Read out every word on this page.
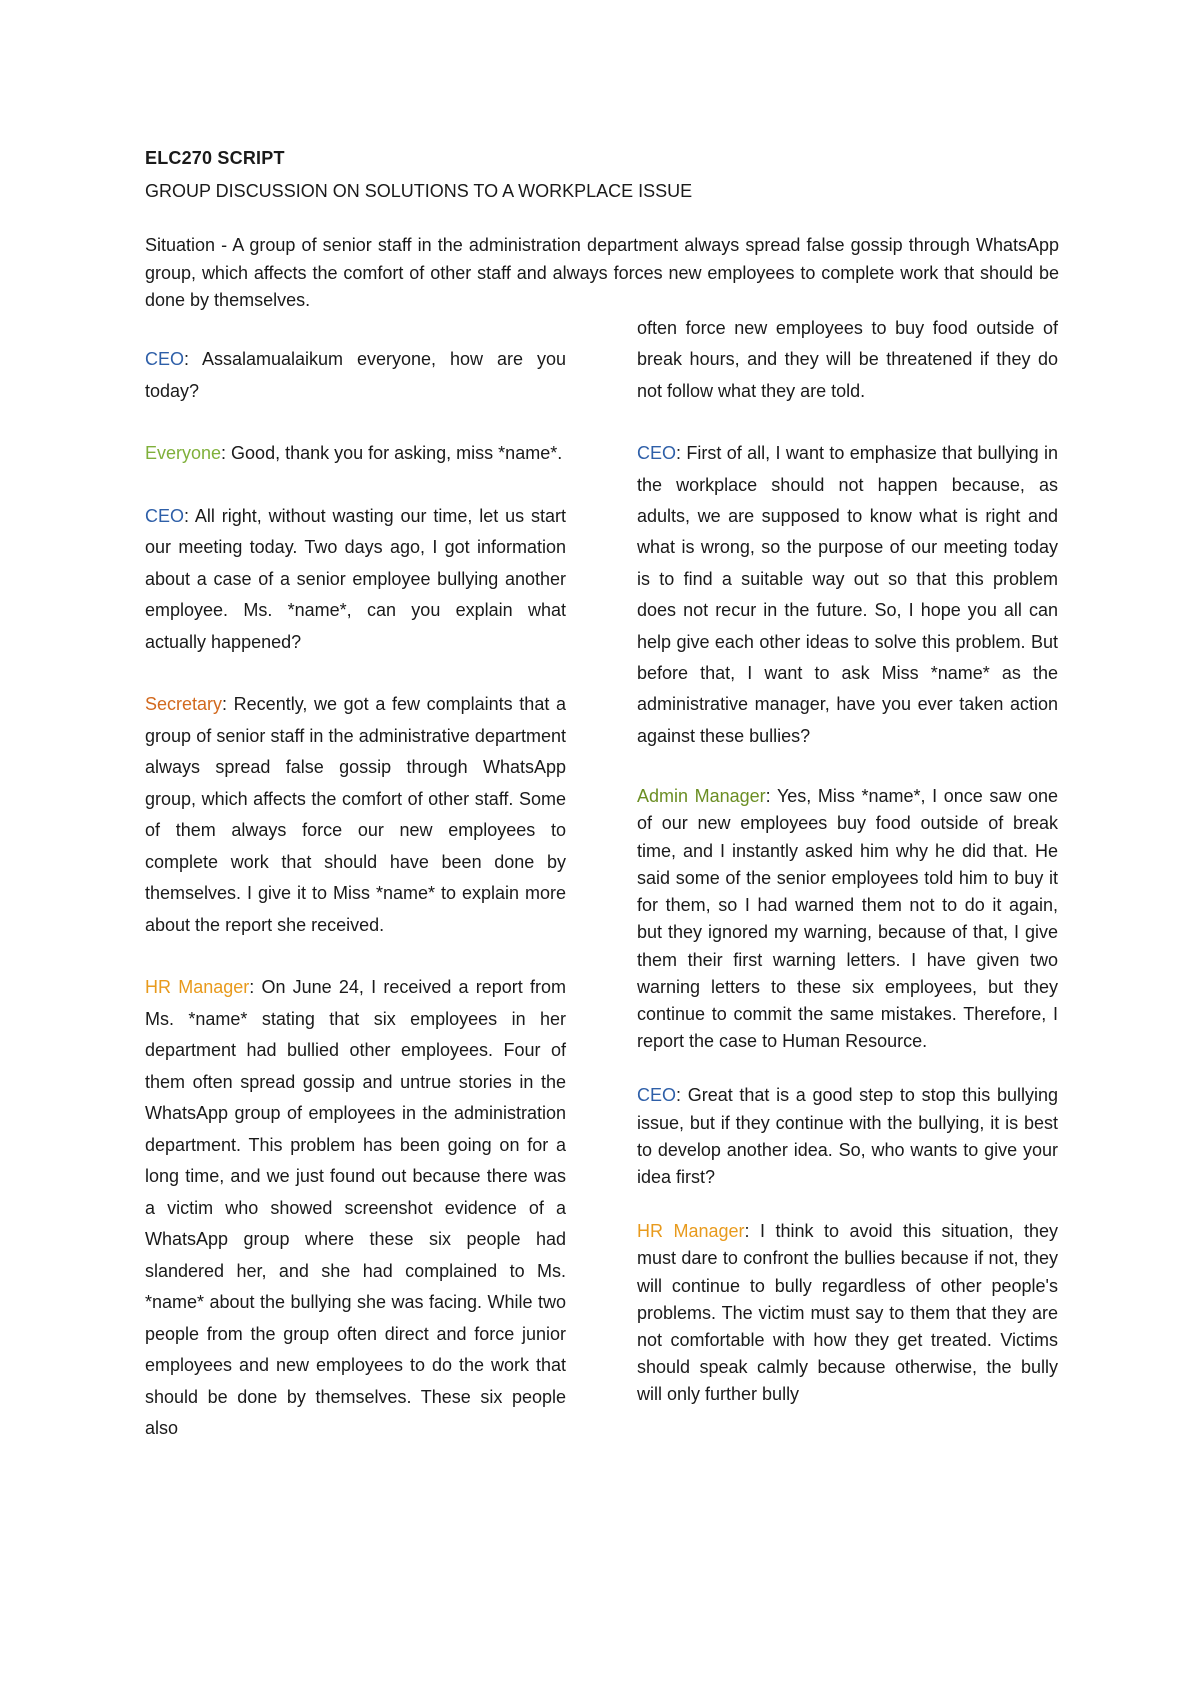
ELC270 SCRIPT

GROUP DISCUSSION ON SOLUTIONS TO A WORKPLACE ISSUE

Situation - A group of senior staff in the administration department always spread false gossip through WhatsApp group, which affects the comfort of other staff and always forces new employees to complete work that should be done by themselves.

CEO: Assalamualaikum everyone, how are you today?

Everyone: Good, thank you for asking, miss *name*.

CEO: All right, without wasting our time, let us start our meeting today. Two days ago, I got information about a case of a senior employee bullying another employee. Ms. *name*, can you explain what actually happened?

Secretary: Recently, we got a few complaints that a group of senior staff in the administrative department always spread false gossip through WhatsApp group, which affects the comfort of other staff. Some of them always force our new employees to complete work that should have been done by themselves. I give it to Miss *name* to explain more about the report she received.

HR Manager: On June 24, I received a report from Ms. *name* stating that six employees in her department had bullied other employees. Four of them often spread gossip and untrue stories in the WhatsApp group of employees in the administration department. This problem has been going on for a long time, and we just found out because there was a victim who showed screenshot evidence of a WhatsApp group where these six people had slandered her, and she had complained to Ms. *name* about the bullying she was facing. While two people from the group often direct and force junior employees and new employees to do the work that should be done by themselves. These six people also

often force new employees to buy food outside of break hours, and they will be threatened if they do not follow what they are told.

CEO: First of all, I want to emphasize that bullying in the workplace should not happen because, as adults, we are supposed to know what is right and what is wrong, so the purpose of our meeting today is to find a suitable way out so that this problem does not recur in the future. So, I hope you all can help give each other ideas to solve this problem. But before that, I want to ask Miss *name* as the administrative manager, have you ever taken action against these bullies?

Admin Manager: Yes, Miss *name*, I once saw one of our new employees buy food outside of break time, and I instantly asked him why he did that. He said some of the senior employees told him to buy it for them, so I had warned them not to do it again, but they ignored my warning, because of that, I give them their first warning letters. I have given two warning letters to these six employees, but they continue to commit the same mistakes. Therefore, I report the case to Human Resource.

CEO: Great that is a good step to stop this bullying issue, but if they continue with the bullying, it is best to develop another idea. So, who wants to give your idea first?

HR Manager: I think to avoid this situation, they must dare to confront the bullies because if not, they will continue to bully regardless of other people's problems. The victim must say to them that they are not comfortable with how they get treated. Victims should speak calmly because otherwise, the bully will only further bully
